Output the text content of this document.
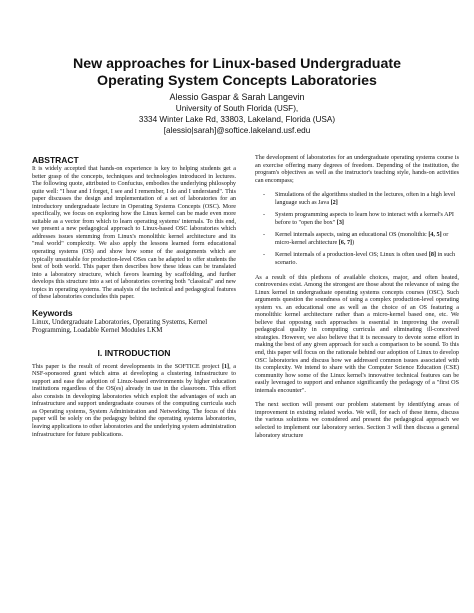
New approaches for Linux-based Undergraduate
Operating System Concepts Laboratories
Alessio Gaspar & Sarah Langevin
University of South Florida (USF),
3334 Winter Lake Rd, 33803, Lakeland, Florida (USA)
[alessio|sarah]@softice.lakeland.usf.edu
ABSTRACT

It is widely accepted that hands-on experience is key to helping students get a better grasp of the concepts, techniques and technologies introduced in lectures. The following quote, attributed to Confucius, embodies the underlying philosophy quite well: "I hear and I forget, I see and I remember, I do and I understand". This paper discusses the design and implementation of a set of laboratories for an introductory undergraduate lecture in Operating Systems Concepts (OSC). More specifically, we focus on exploring how the Linux kernel can be made even more suitable as a vector from which to learn operating systems' internals. To this end, we present a new pedagogical approach to Linux-based OSC laboratories which addresses issues stemming from Linux's monolithic kernel architecture and its "real world" complexity. We also apply the lessons learned form educational operating systems (OS) and show how some of the assignments which are typically unsuitable for production-level OSes can be adapted to offer students the best of both world. This paper then describes how these ideas can be translated into a laboratory structure, which favors learning by scaffolding, and further develops this structure into a set of laboratories covering both "classical" and new topics in operating systems. The analysis of the technical and pedagogical features of these laboratories concludes this paper.

Keywords

Linux, Undergraduate Laboratories, Operating Systems, Kernel Programming, Loadable Kernel Modules LKM

I. INTRODUCTION

This paper is the result of recent developments in the SOFTICE project [1], a NSF-sponsored grant which aims at developing a clustering infrastructure to support and ease the adoption of Linux-based environments by higher education institutions regardless of the OS(es) already in use in the classroom. This effort also consists in developing laboratories which exploit the advantages of such an infrastructure and support undergraduate courses of the computing curricula such as Operating systems, System Administration and Networking. The focus of this paper will be solely on the pedagogy behind the operating systems laboratories, leaving applications to other laboratories and the underlying system administration infrastructure for future publications.

The development of laboratories for an undergraduate operating systems course is an exercise offering many degrees of freedom. Depending of the institution, the program's objectives as well as the instructor's teaching style, hands-on activities can encompass;

- Simulations of the algorithms studied in the lectures, often in a high level language such as Java [2]
- System programming aspects to learn how to interact with a kernel's API before to "open the box" [3]
- Kernel internals aspects, using an educational OS (monolithic [4, 5] or micro-kernel architecture [6, 7])
- Kernel internals of a production-level OS; Linux is often used [8] in such scenario.

As a result of this plethora of available choices, major, and often heated, controversies exist. Among the strongest are those about the relevance of using the Linux kernel in undergraduate operating systems concepts courses (OSC). Such arguments question the soundness of using a complex production-level operating system vs. an educational one as well as the choice of an OS featuring a monolithic kernel architecture rather than a micro-kernel based one, etc. We believe that opposing such approaches is essential in improving the overall pedagogical quality in computing curricula and eliminating ill-conceived strategies. However, we also believe that it is necessary to devote some effort in making the best of any given approach for such a comparison to be sound. To this end, this paper will focus on the rationale behind our adoption of Linux to develop OSC laboratories and discuss how we addressed common issues associated with its complexity. We intend to share with the Computer Science Education (CSE) community how some of the Linux kernel's innovative technical features can be easily leveraged to support and enhance significantly the pedagogy of a "first OS internals encounter".

The next section will present our problem statement by identifying areas of improvement in existing related works. We will, for each of these items, discuss the various solutions we considered and present the pedagogical approach we selected to implement our laboratory series. Section 3 will then discuss a general laboratory structure
